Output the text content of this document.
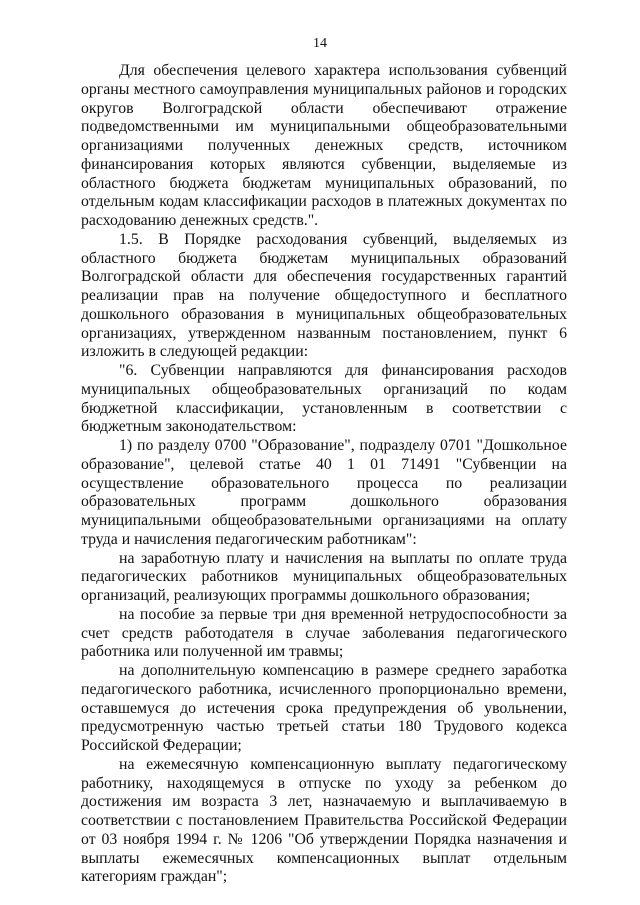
14

Для обеспечения целевого характера использования субвенций органы местного самоуправления муниципальных районов и городских округов Волгоградской области обеспечивают отражение подведомственными им муниципальными общеобразовательными организациями полученных денежных средств, источником финансирования которых являются субвенции, выделяемые из областного бюджета бюджетам муниципальных образований, по отдельным кодам классификации расходов в платежных документах по расходованию денежных средств.".

1.5. В Порядке расходования субвенций, выделяемых из областного бюджета бюджетам муниципальных образований Волгоградской области для обеспечения государственных гарантий реализации прав на получение общедоступного и бесплатного дошкольного образования в муниципальных общеобразовательных организациях, утвержденном названным постановлением, пункт 6 изложить в следующей редакции:

"6. Субвенции направляются для финансирования расходов муниципальных общеобразовательных организаций по кодам бюджетной классификации, установленным в соответствии с бюджетным законодательством:

1) по разделу 0700 "Образование", подразделу 0701 "Дошкольное образование", целевой статье 40 1 01 71491 "Субвенции на осуществление образовательного процесса по реализации образовательных программ дошкольного образования муниципальными общеобразовательными организациями на оплату труда и начисления педагогическим работникам":

на заработную плату и начисления на выплаты по оплате труда педагогических работников муниципальных общеобразовательных организаций, реализующих программы дошкольного образования;

на пособие за первые три дня временной нетрудоспособности за счет средств работодателя в случае заболевания педагогического работника или полученной им травмы;

на дополнительную компенсацию в размере среднего заработка педагогического работника, исчисленного пропорционально времени, оставшемуся до истечения срока предупреждения об увольнении, предусмотренную частью третьей статьи 180 Трудового кодекса Российской Федерации;

на ежемесячную компенсационную выплату педагогическому работнику, находящемуся в отпуске по уходу за ребенком до достижения им возраста 3 лет, назначаемую и выплачиваемую в соответствии с постановлением Правительства Российской Федерации от 03 ноября 1994 г. № 1206 "Об утверждении Порядка назначения и выплаты ежемесячных компенсационных выплат отдельным категориям граждан";
